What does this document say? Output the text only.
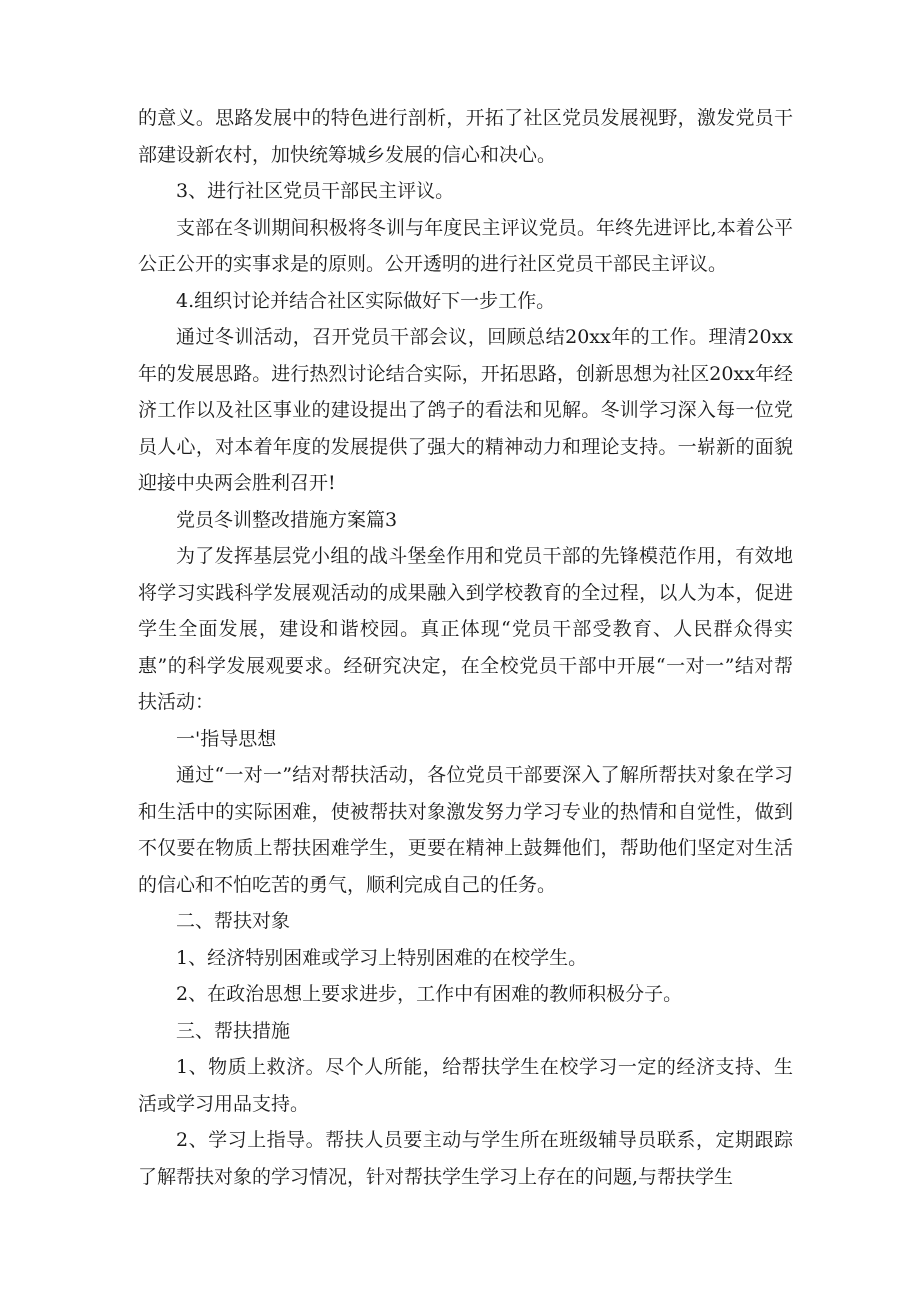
的意义。思路发展中的特色进行剖析，开拓了社区党员发展视野，激发党员干部建设新农村，加快统筹城乡发展的信心和决心。

3、进行社区党员干部民主评议。

支部在冬训期间积极将冬训与年度民主评议党员。年终先进评比,本着公平公正公开的实事求是的原则。公开透明的进行社区党员干部民主评议。

4.组织讨论并结合社区实际做好下一步工作。

通过冬训活动，召开党员干部会议，回顾总结20xx年的工作。理清20xx年的发展思路。进行热烈讨论结合实际，开拓思路，创新思想为社区20xx年经济工作以及社区事业的建设提出了鸽子的看法和见解。冬训学习深入每一位党员人心，对本着年度的发展提供了强大的精神动力和理论支持。一崭新的面貌迎接中央两会胜利召开!

党员冬训整改措施方案篇3

为了发挥基层党小组的战斗堡垒作用和党员干部的先锋模范作用，有效地将学习实践科学发展观活动的成果融入到学校教育的全过程，以人为本，促进学生全面发展，建设和谐校园。真正体现“党员干部受教育、人民群众得实惠”的科学发展观要求。经研究决定，在全校党员干部中开展“一对一”结对帮扶活动：

一'指导思想

通过“一对一”结对帮扶活动，各位党员干部要深入了解所帮扶对象在学习和生活中的实际困难，使被帮扶对象激发努力学习专业的热情和自觉性，做到不仅要在物质上帮扶困难学生，更要在精神上鼓舞他们，帮助他们坚定对生活的信心和不怕吃苦的勇气，顺利完成自己的任务。

二、帮扶对象

1、经济特别困难或学习上特别困难的在校学生。

2、在政治思想上要求进步，工作中有困难的教师积极分子。

三、帮扶措施

1、物质上救济。尽个人所能，给帮扶学生在校学习一定的经济支持、生活或学习用品支持。

2、学习上指导。帮扶人员要主动与学生所在班级辅导员联系，定期跟踪了解帮扶对象的学习情况，针对帮扶学生学习上存在的问题,与帮扶学生
